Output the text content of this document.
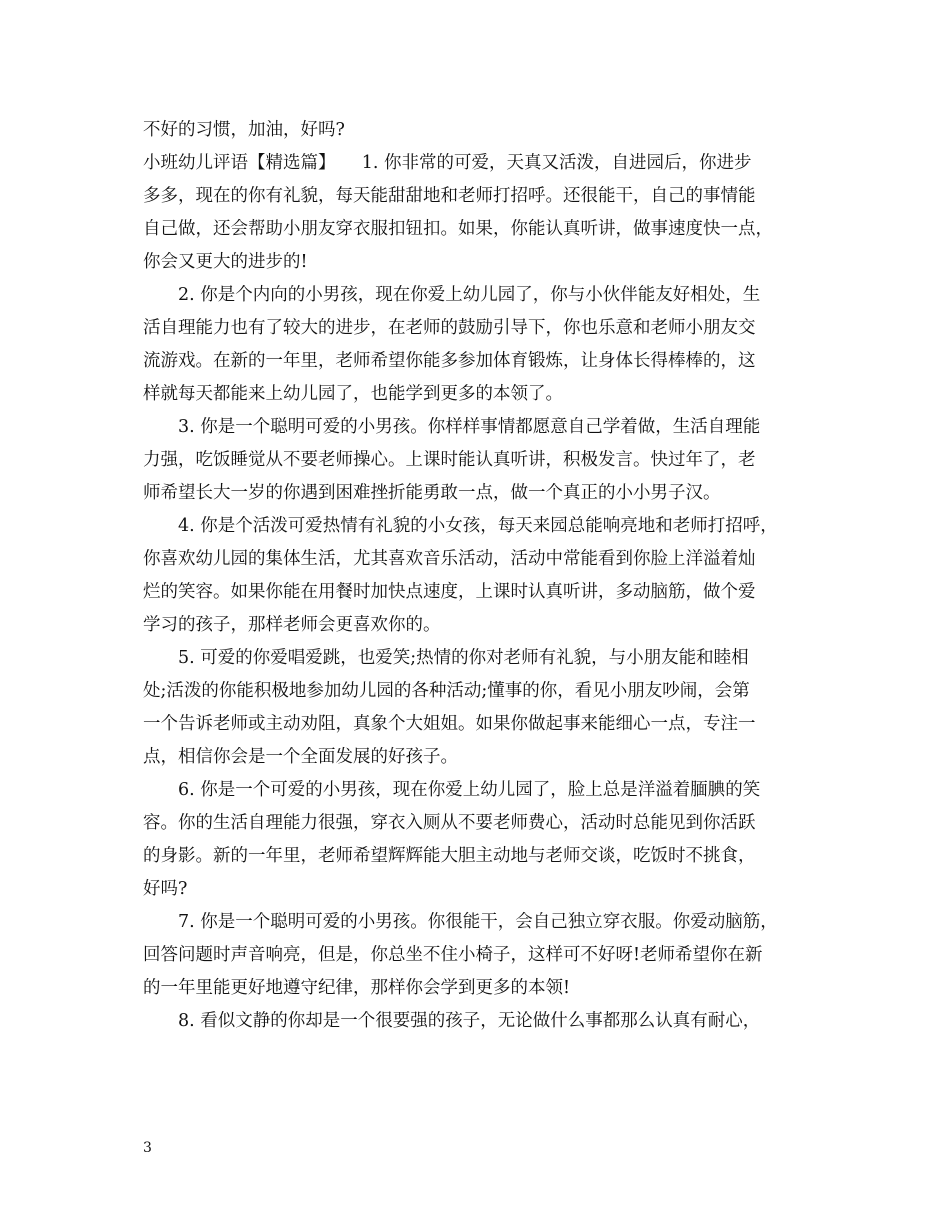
不好的习惯，加油，好吗?
小班幼儿评语【精选篇】　　1. 你非常的可爱，天真又活泼，自进园后，你进步
多多，现在的你有礼貌，每天能甜甜地和老师打招呼。还很能干，自己的事情能
自己做，还会帮助小朋友穿衣服扣钮扣。如果，你能认真听讲，做事速度快一点，
你会又更大的进步的!
2. 你是个内向的小男孩，现在你爱上幼儿园了，你与小伙伴能友好相处，生
活自理能力也有了较大的进步，在老师的鼓励引导下，你也乐意和老师小朋友交
流游戏。在新的一年里，老师希望你能多参加体育锻炼，让身体长得棒棒的，这
样就每天都能来上幼儿园了，也能学到更多的本领了。
3. 你是一个聪明可爱的小男孩。你样样事情都愿意自己学着做，生活自理能
力强，吃饭睡觉从不要老师操心。上课时能认真听讲，积极发言。快过年了，老
师希望长大一岁的你遇到困难挫折能勇敢一点，做一个真正的小小男子汉。
4. 你是个活泼可爱热情有礼貌的小女孩，每天来园总能响亮地和老师打招呼，
你喜欢幼儿园的集体生活，尤其喜欢音乐活动，活动中常能看到你脸上洋溢着灿
烂的笑容。如果你能在用餐时加快点速度，上课时认真听讲，多动脑筋，做个爱
学习的孩子，那样老师会更喜欢你的。
5. 可爱的你爱唱爱跳，也爱笑;热情的你对老师有礼貌，与小朋友能和睦相
处;活泼的你能积极地参加幼儿园的各种活动;懂事的你，看见小朋友吵闹，会第
一个告诉老师或主动劝阻，真象个大姐姐。如果你做起事来能细心一点，专注一
点，相信你会是一个全面发展的好孩子。
6. 你是一个可爱的小男孩，现在你爱上幼儿园了，脸上总是洋溢着腼腆的笑
容。你的生活自理能力很强，穿衣入厕从不要老师费心，活动时总能见到你活跃
的身影。新的一年里，老师希望辉辉能大胆主动地与老师交谈，吃饭时不挑食，
好吗?
7. 你是一个聪明可爱的小男孩。你很能干，会自己独立穿衣服。你爱动脑筋，
回答问题时声音响亮，但是，你总坐不住小椅子，这样可不好呀!老师希望你在新
的一年里能更好地遵守纪律，那样你会学到更多的本领!
8. 看似文静的你却是一个很要强的孩子，无论做什么事都那么认真有耐心，
3
